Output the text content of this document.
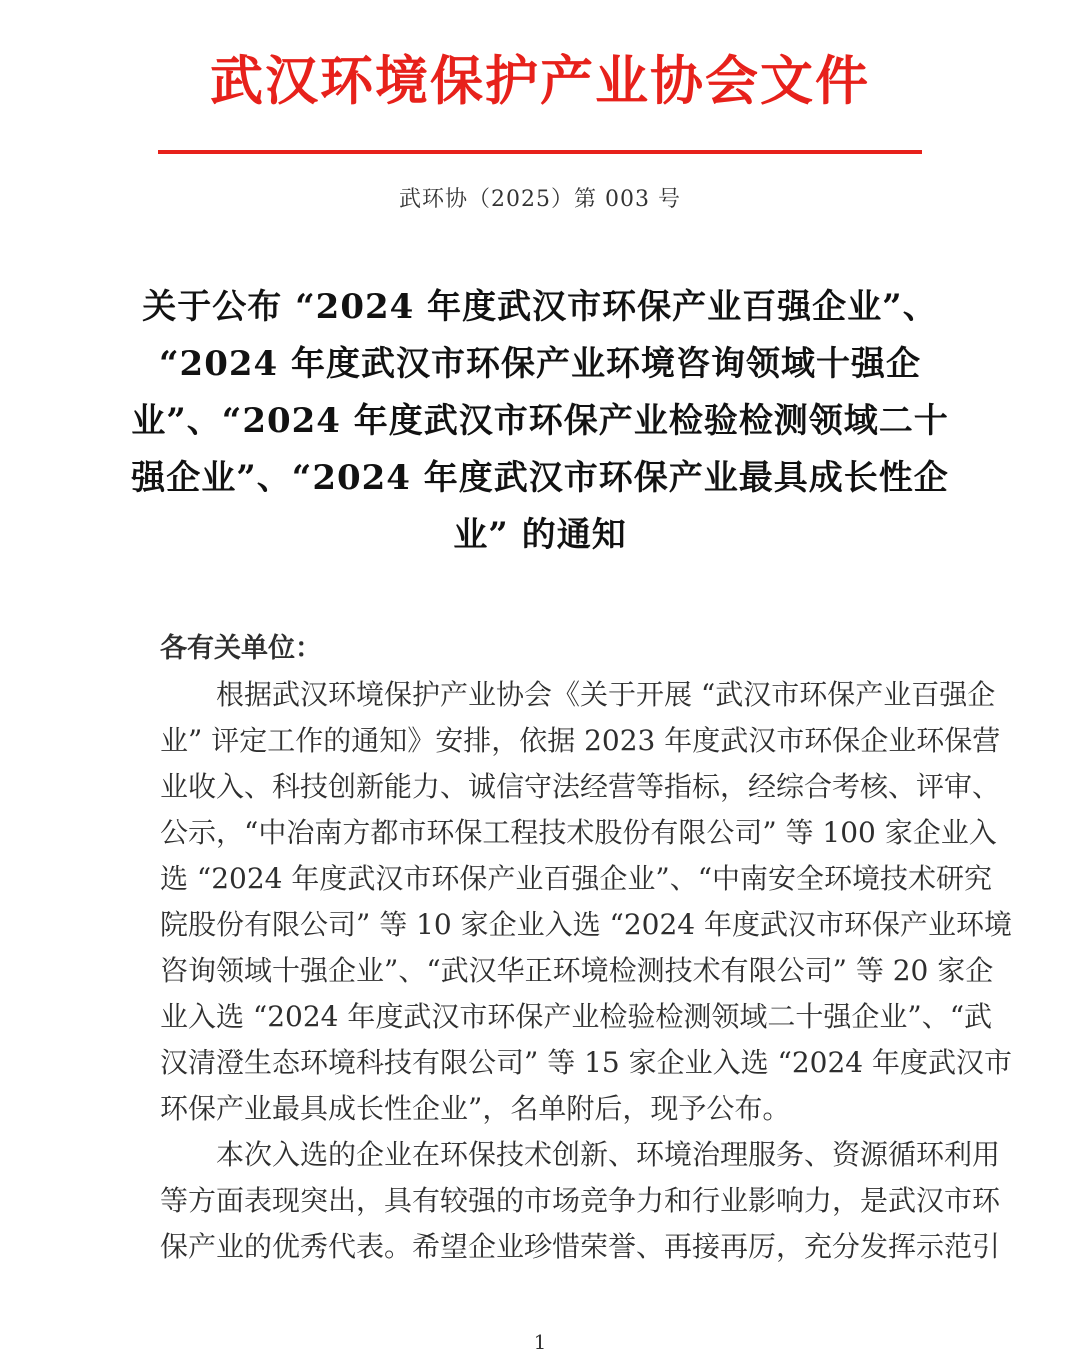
武汉环境保护产业协会文件
武环协（2025）第 003 号
关于公布 “2024 年度武汉市环保产业百强企业”、
“2024 年度武汉市环保产业环境咨询领域十强企
业”、“2024 年度武汉市环保产业检验检测领域二十
强企业”、“2024 年度武汉市环保产业最具成长性企
业” 的通知
各有关单位：
根据武汉环境保护产业协会《关于开展 “武汉市环保产业百强企
业” 评定工作的通知》安排，依据 2023 年度武汉市环保企业环保营
业收入、科技创新能力、诚信守法经营等指标，经综合考核、评审、
公示，“中冶南方都市环保工程技术股份有限公司” 等 100 家企业入
选 “2024 年度武汉市环保产业百强企业”、“中南安全环境技术研究
院股份有限公司” 等 10 家企业入选 “2024 年度武汉市环保产业环境
咨询领域十强企业”、“武汉华正环境检测技术有限公司” 等 20 家企
业入选 “2024 年度武汉市环保产业检验检测领域二十强企业”、“武
汉清澄生态环境科技有限公司” 等 15 家企业入选 “2024 年度武汉市
环保产业最具成长性企业”，名单附后，现予公布。
本次入选的企业在环保技术创新、环境治理服务、资源循环利用
等方面表现突出，具有较强的市场竞争力和行业影响力，是武汉市环
保产业的优秀代表。希望企业珍惜荣誉、再接再厉，充分发挥示范引
1
